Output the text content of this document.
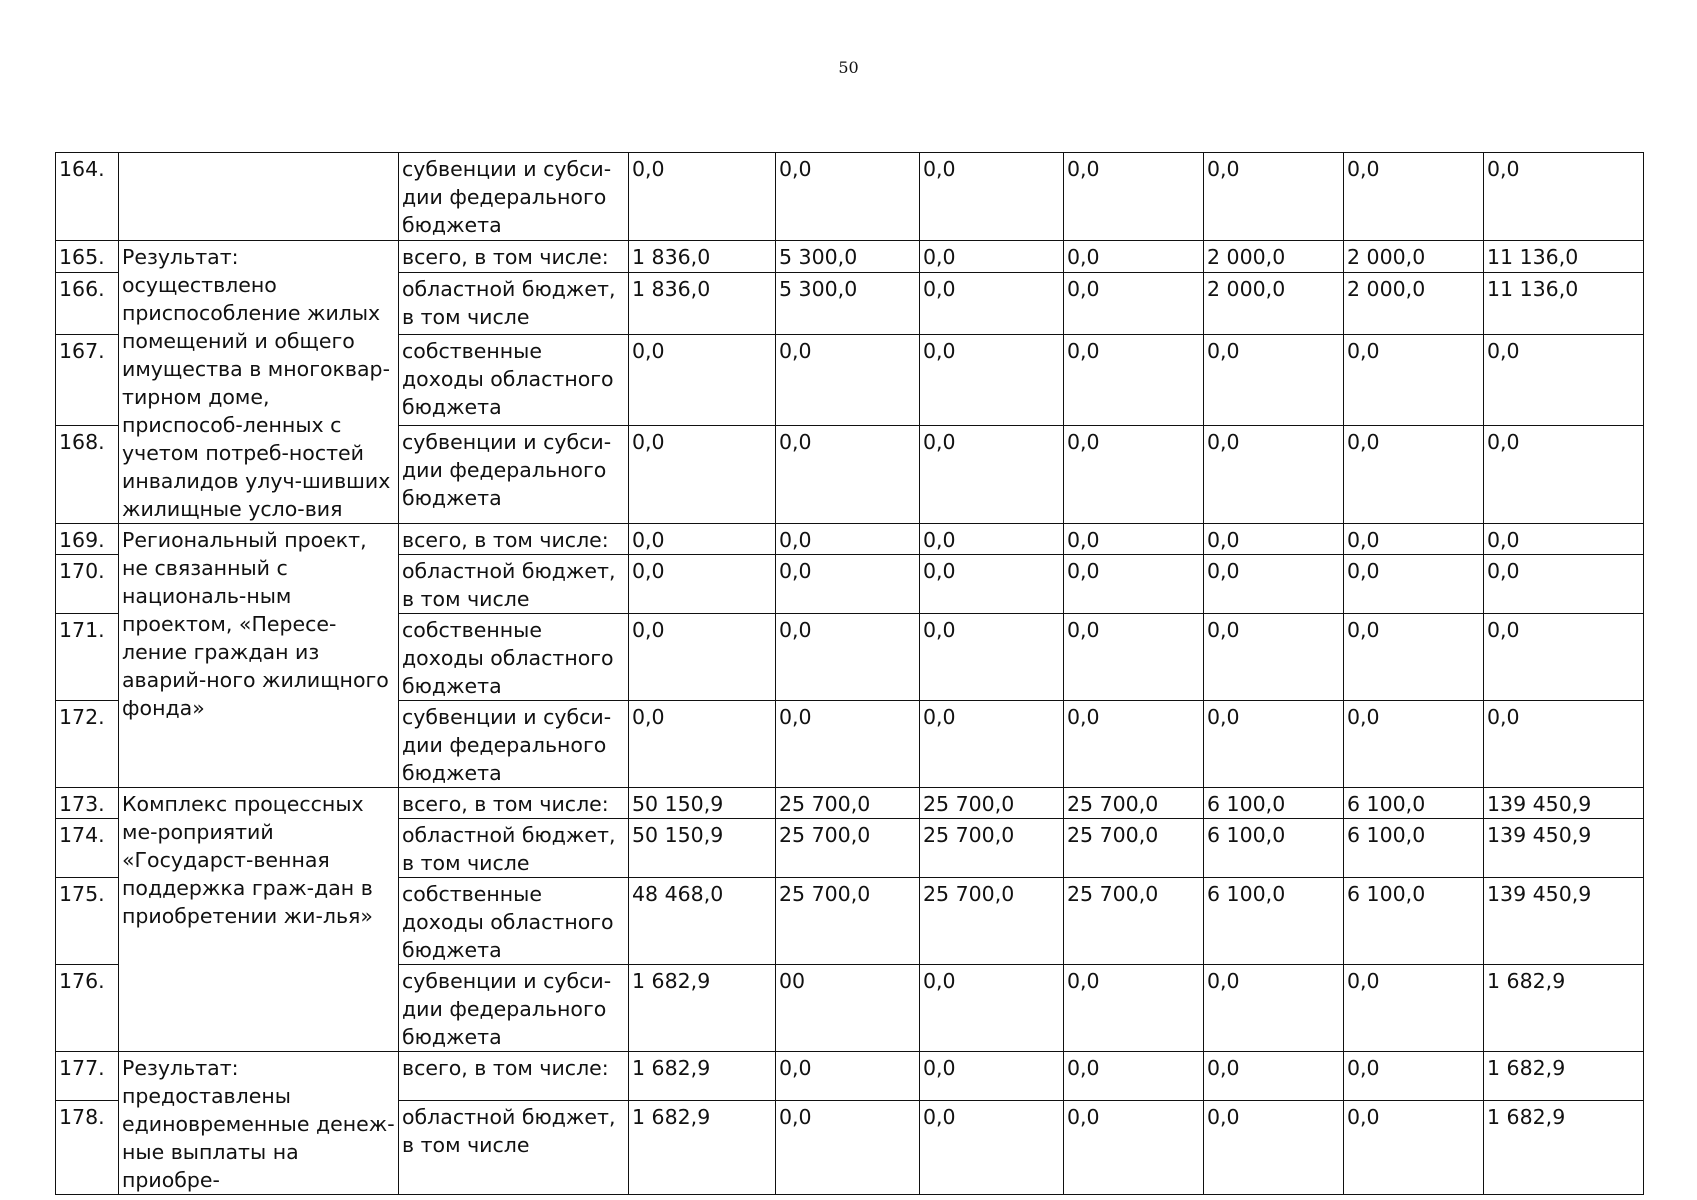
50
164.		субвенции и субси-
дии федерального
бюджета	0,0	0,0	0,0	0,0	0,0	0,0	0,0
165.	Результат: осуществлено приспособление жилых помещений и общего имущества в многоквар-тирном доме, приспособ-ленных с учетом потреб-ностей инвалидов улуч-шивших жилищные усло-вия	всего, в том числе:	1 836,0	5 300,0	0,0	0,0	2 000,0	2 000,0	11 136,0
166.		областной бюджет, в том числе	1 836,0	5 300,0	0,0	0,0	2 000,0	2 000,0	11 136,0
167.		собственные доходы областного бюджета	0,0	0,0	0,0	0,0	0,0	0,0	0,0
168.		субвенции и субси-
дии федерального
бюджета	0,0	0,0	0,0	0,0	0,0	0,0	0,0
169.	Региональный проект, не связанный с националь-ным проектом, «Пересе-ление граждан из аварий-ного жилищного фонда»	всего, в том числе:	0,0	0,0	0,0	0,0	0,0	0,0	0,0
170.		областной бюджет, в том числе	0,0	0,0	0,0	0,0	0,0	0,0	0,0
171.		собственные доходы областного бюджета	0,0	0,0	0,0	0,0	0,0	0,0	0,0
172.		субвенции и субси-
дии федерального
бюджета	0,0	0,0	0,0	0,0	0,0	0,0	0,0
173.	Комплекс процессных ме-роприятий «Государст-венная поддержка граж-дан в приобретении жи-лья»	всего, в том числе:	50 150,9	25 700,0	25 700,0	25 700,0	6 100,0	6 100,0	139 450,9
174.		областной бюджет, в том числе	50 150,9	25 700,0	25 700,0	25 700,0	6 100,0	6 100,0	139 450,9
175.		собственные доходы областного бюджета	48 468,0	25 700,0	25 700,0	25 700,0	6 100,0	6 100,0	139 450,9
176.		субвенции и субси-
дии федерального
бюджета	1 682,9	00	0,0	0,0	0,0	0,0	1 682,9
177.	Результат: предоставлены единовременные денеж-ные выплаты на приобре-	всего, в том числе:	1 682,9	0,0	0,0	0,0	0,0	0,0	1 682,9
178.		областной бюджет, в том числе	1 682,9	0,0	0,0	0,0	0,0	0,0	1 682,9
